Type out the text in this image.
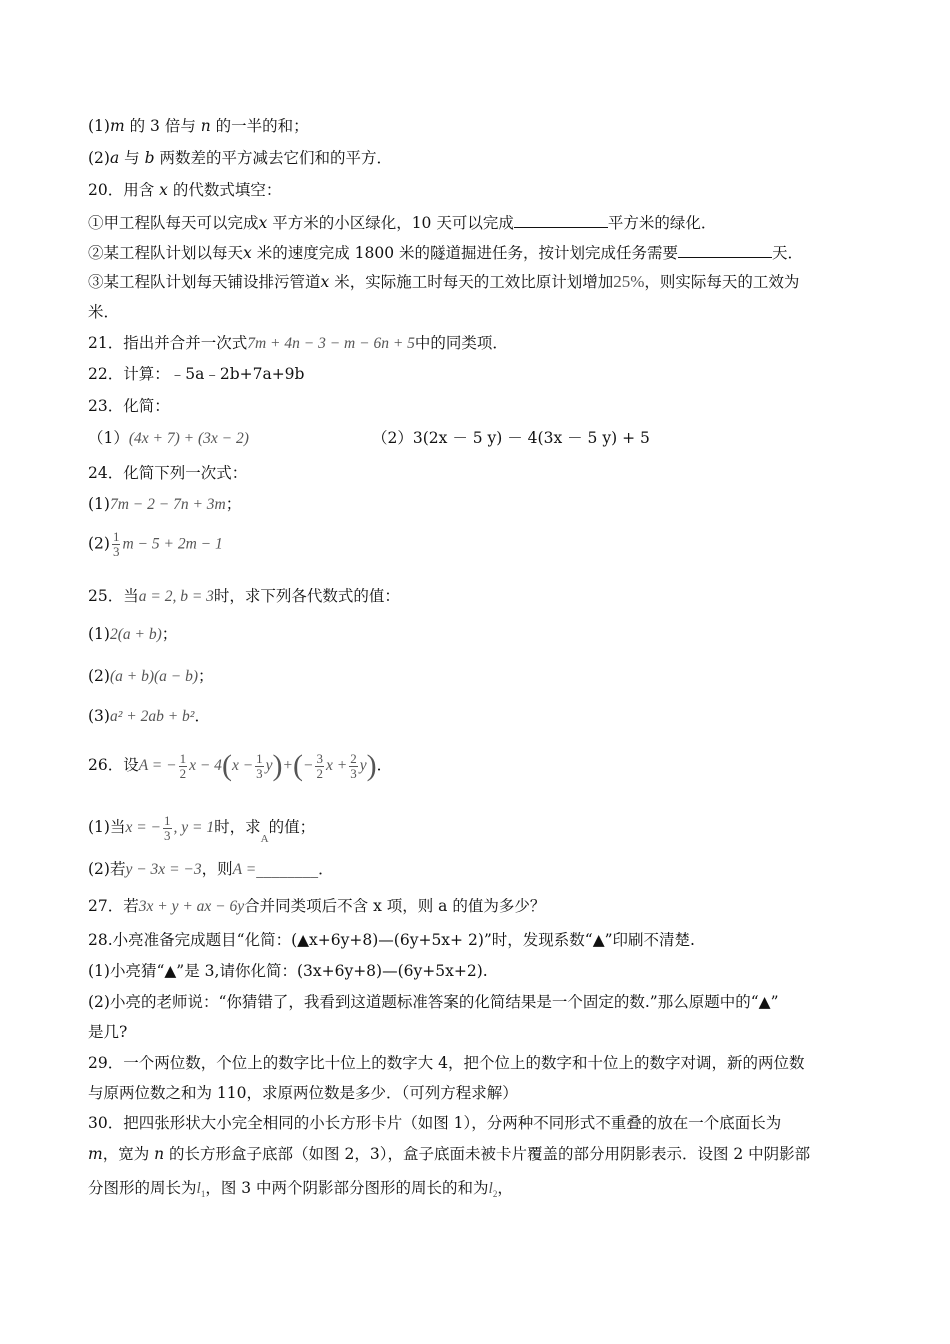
(1)m 的 3 倍与 n 的一半的和；
(2)a 与 b 两数差的平方减去它们和的平方．
20．用含 x 的代数式填空：
①甲工程队每天可以完成x 平方米的小区绿化，10 天可以完成	平方米的绿化．
②某工程队计划以每天x 米的速度完成 1800 米的隧道掘进任务，按计划完成任务需要	天．
③某工程队计划每天铺设排污管道x 米，实际施工时每天的工效比原计划增加25%，则实际每天的工效为
米．
21．指出并合并一次式7m + 4n − 3 − m − 6n + 5中的同类项．
22．计算：﹣5a﹣2b+7a+9b
23．化简：
（1）(4x + 7) + (3x − 2)	（2）3(2x － 5 y) － 4(3x － 5 y) + 5
24．化简下列一次式：
(1)7m − 2 − 7n + 3m；
$(2) \frac{1}{3}$ m − 5 + 2m − 1
25．当a = 2, b = 3时，求下列各代数式的值：
(1)2(a + b)；
(2)(a + b)(a − b)；
(3)a² + 2ab + b²．
26．设A = − $\frac{1}{2}$ $x - 4(x - \frac{1}{3} y)+(- \frac{3}{2}$ $x + \frac{2}{3} y$)．
(1)当x = − $\frac{1}{3}$ , y = 1时，求$_A$的值；
(2)若y − 3x = −3，则A =________．
27．若3x + y + ax − 6y合并同类项后不含 x 项，则 a 的值为多少？
28.小亮准备完成题目“化简：(▲x+6y+8)—(6y+5x+ 2)”时，发现系数“▲”印刷不清楚.
(1)小亮猜“▲”是 3,请你化简：(3x+6y+8)—(6y+5x+2).
(2)小亮的老师说：“你猜错了，我看到这道题标准答案的化简结果是一个固定的数.”那么原题中的“▲”
是几?
29．一个两位数，个位上的数字比十位上的数字大 4，把个位上的数字和十位上的数字对调，新的两位数
与原两位数之和为 110，求原两位数是多少．（可列方程求解）
30．把四张形状大小完全相同的小长方形卡片（如图 1），分两种不同形式不重叠的放在一个底面长为
m，宽为 n 的长方形盒子底部（如图 2，3），盒子底面未被卡片覆盖的部分用阴影表示．设图 2 中阴影部
分图形的周长为$l_1$，图 3 中两个阴影部分图形的周长的和为$l_2$，
